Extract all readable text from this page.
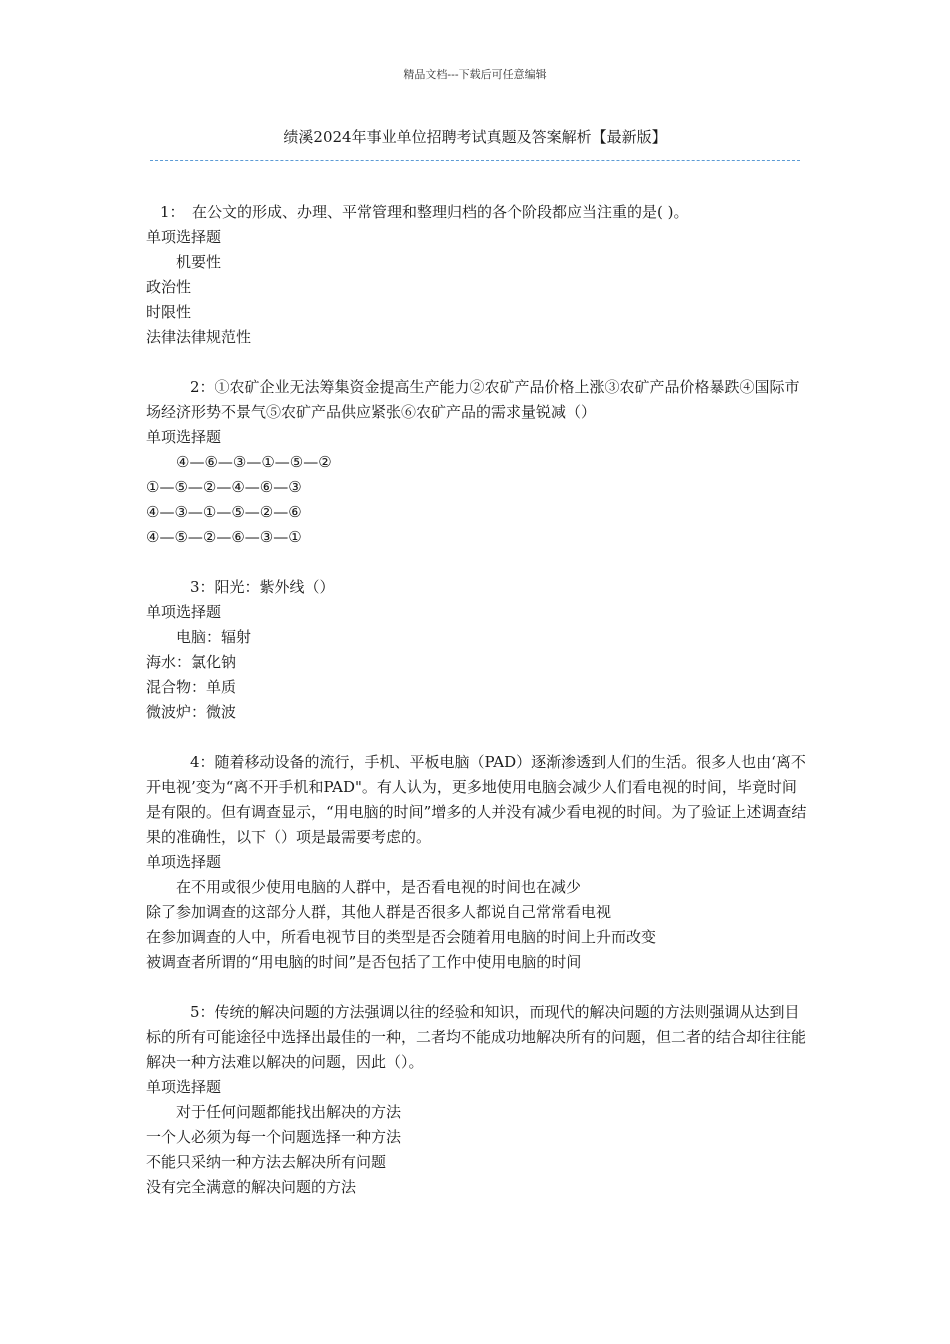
精品文档---下载后可任意编辑
绩溪2024年事业单位招聘考试真题及答案解析【最新版】

1：　在公文的形成、办理、平常管理和整理归档的各个阶段都应当注重的是( )。

单项选择题

机要性

政治性

时限性

法律法律规范性

2：①农矿企业无法筹集资金提高生产能力②农矿产品价格上涨③农矿产品价格暴跌④国际市场经济形势不景气⑤农矿产品供应紧张⑥农矿产品的需求量锐减（）

单项选择题

④—⑥—③—①—⑤—②

①—⑤—②—④—⑥—③

④—③—①—⑤—②—⑥

④—⑤—②—⑥—③—①

3：阳光：紫外线（）

单项选择题

电脑：辐射

海水：氯化钠

混合物：单质

微波炉：微波

4：随着移动设备的流行，手机、平板电脑（PAD）逐渐渗透到人们的生活。很多人也由‘离不开电视’变为“离不开手机和PAD"。有人认为，更多地使用电脑会减少人们看电视的时间，毕竟时间是有限的。但有调查显示，“用电脑的时间”增多的人并没有减少看电视的时间。为了验证上述调查结果的准确性，以下（）项是最需要考虑的。

单项选择题

在不用或很少使用电脑的人群中，是否看电视的时间也在减少

除了参加调查的这部分人群，其他人群是否很多人都说自己常常看电视

在参加调查的人中，所看电视节目的类型是否会随着用电脑的时间上升而改变

被调查者所谓的“用电脑的时间”是否包括了工作中使用电脑的时间

5：传统的解决问题的方法强调以往的经验和知识，而现代的解决问题的方法则强调从达到目标的所有可能途径中选择出最佳的一种，二者均不能成功地解决所有的问题，但二者的结合却往往能解决一种方法难以解决的问题，因此（）。

单项选择题

对于任何问题都能找出解决的方法

一个人必须为每一个问题选择一种方法

不能只采纳一种方法去解决所有问题

没有完全满意的解决问题的方法
